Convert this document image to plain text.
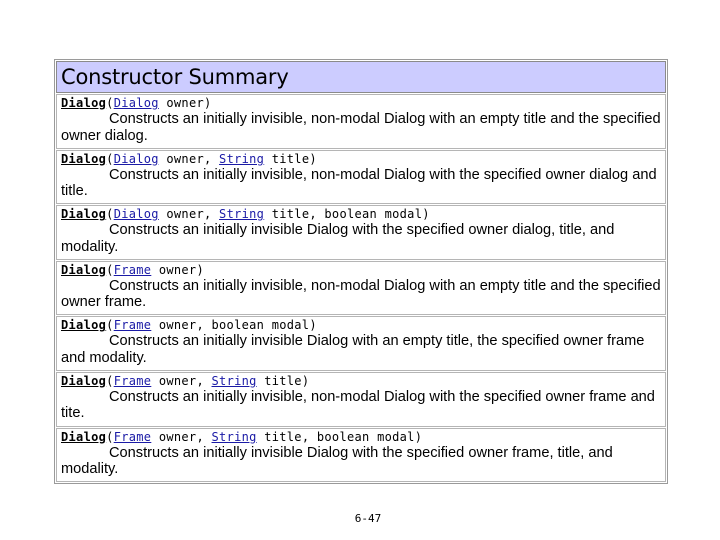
Constructor Summary
Dialog(Dialog owner)

Constructs an initially invisible, non-modal Dialog with an empty title and the specified owner dialog.

Dialog(Dialog owner, String title)

Constructs an initially invisible, non-modal Dialog with the specified owner dialog and title.

Dialog(Dialog owner, String title, boolean modal)

Constructs an initially invisible Dialog with the specified owner dialog, title, and modality.

Dialog(Frame owner)

Constructs an initially invisible, non-modal Dialog with an empty title and the specified owner frame.

Dialog(Frame owner, boolean modal)

Constructs an initially invisible Dialog with an empty title, the specified owner frame and modality.

Dialog(Frame owner, String title)

Constructs an initially invisible, non-modal Dialog with the specified owner frame and tite.

Dialog(Frame owner, String title, boolean modal)

Constructs an initially invisible Dialog with the specified owner frame, title, and modality.

6-47
